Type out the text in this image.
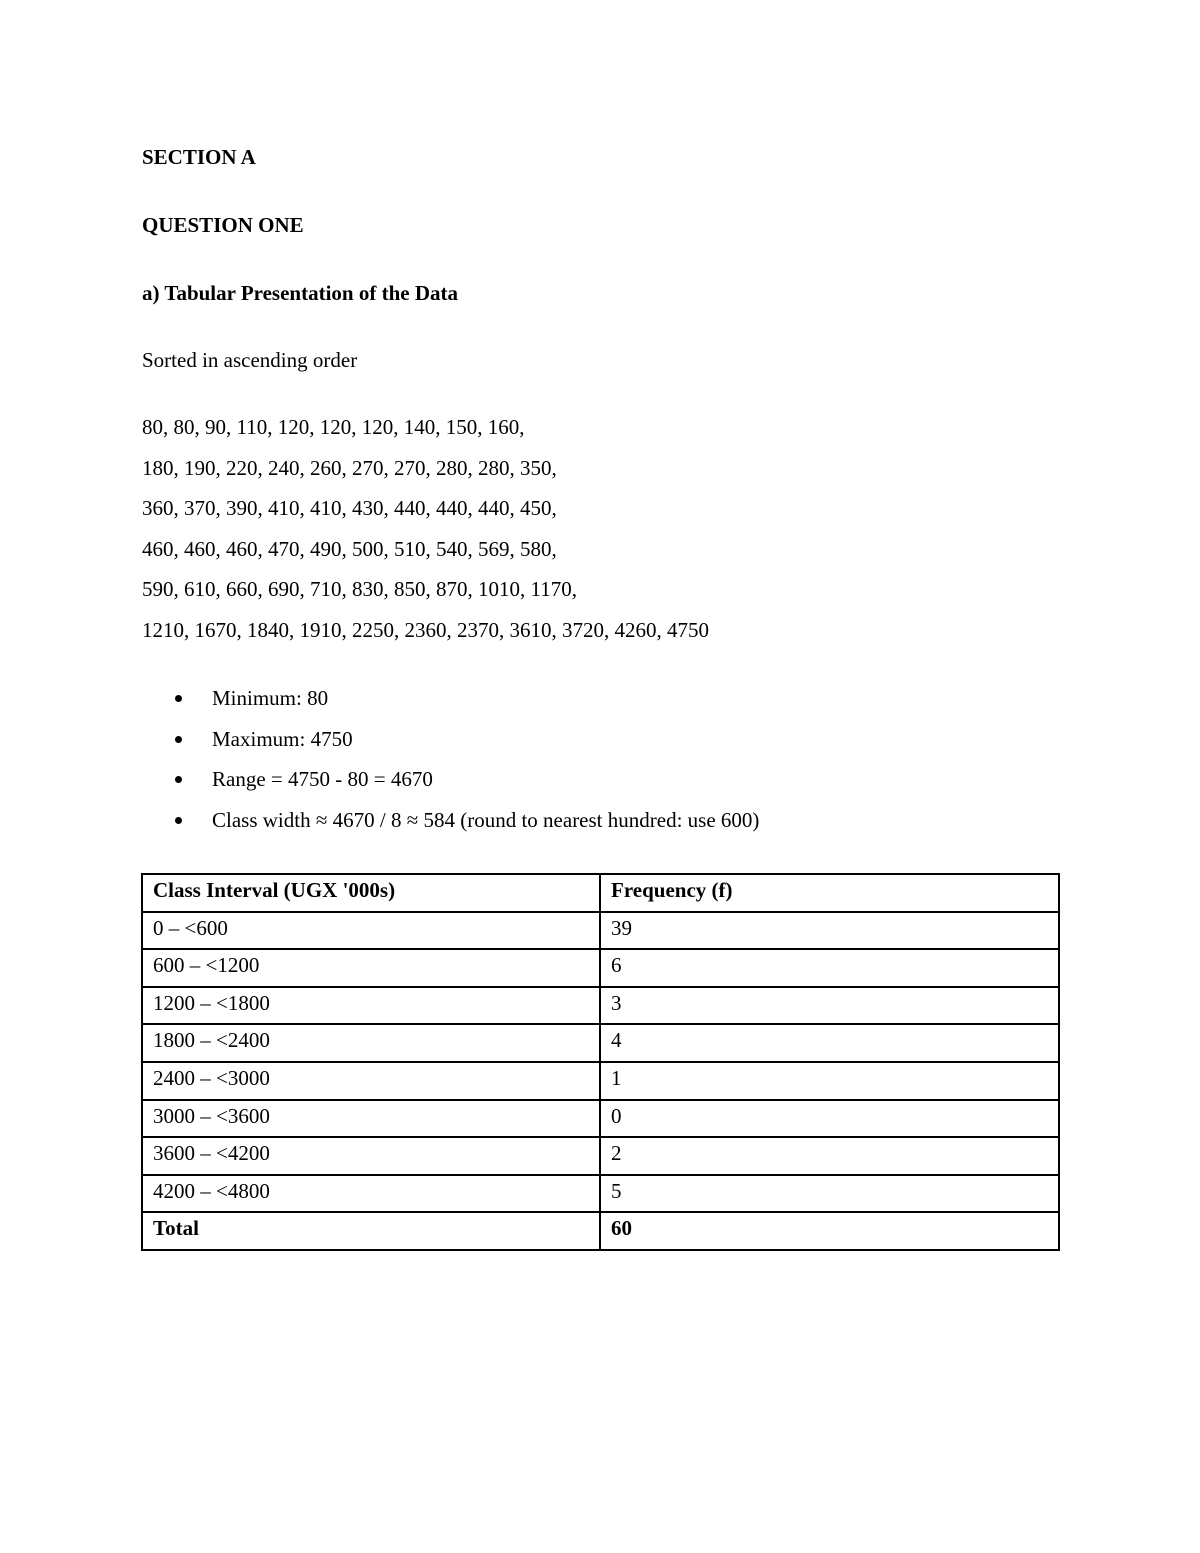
SECTION A

QUESTION ONE

a) Tabular Presentation of the Data

Sorted in ascending order

80, 80, 90, 110, 120, 120, 120, 140, 150, 160,
180, 190, 220, 240, 260, 270, 270, 280, 280, 350,
360, 370, 390, 410, 410, 430, 440, 440, 440, 450,
460, 460, 460, 470, 490, 500, 510, 540, 569, 580,
590, 610, 660, 690, 710, 830, 850, 870, 1010, 1170,
1210, 1670, 1840, 1910, 2250, 2360, 2370, 3610, 3720, 4260, 4750
Minimum: 80
Maximum: 4750
Range = 4750 - 80 = 4670
Class width ≈ 4670 / 8 ≈ 584 (round to nearest hundred: use 600)
Class Interval (UGX '000s)	Frequency (f)
0 – <600	39
600 – <1200	6
1200 – <1800	3
1800 – <2400	4
2400 – <3000	1
3000 – <3600	0
3600 – <4200	2
4200 – <4800	5
Total	60
